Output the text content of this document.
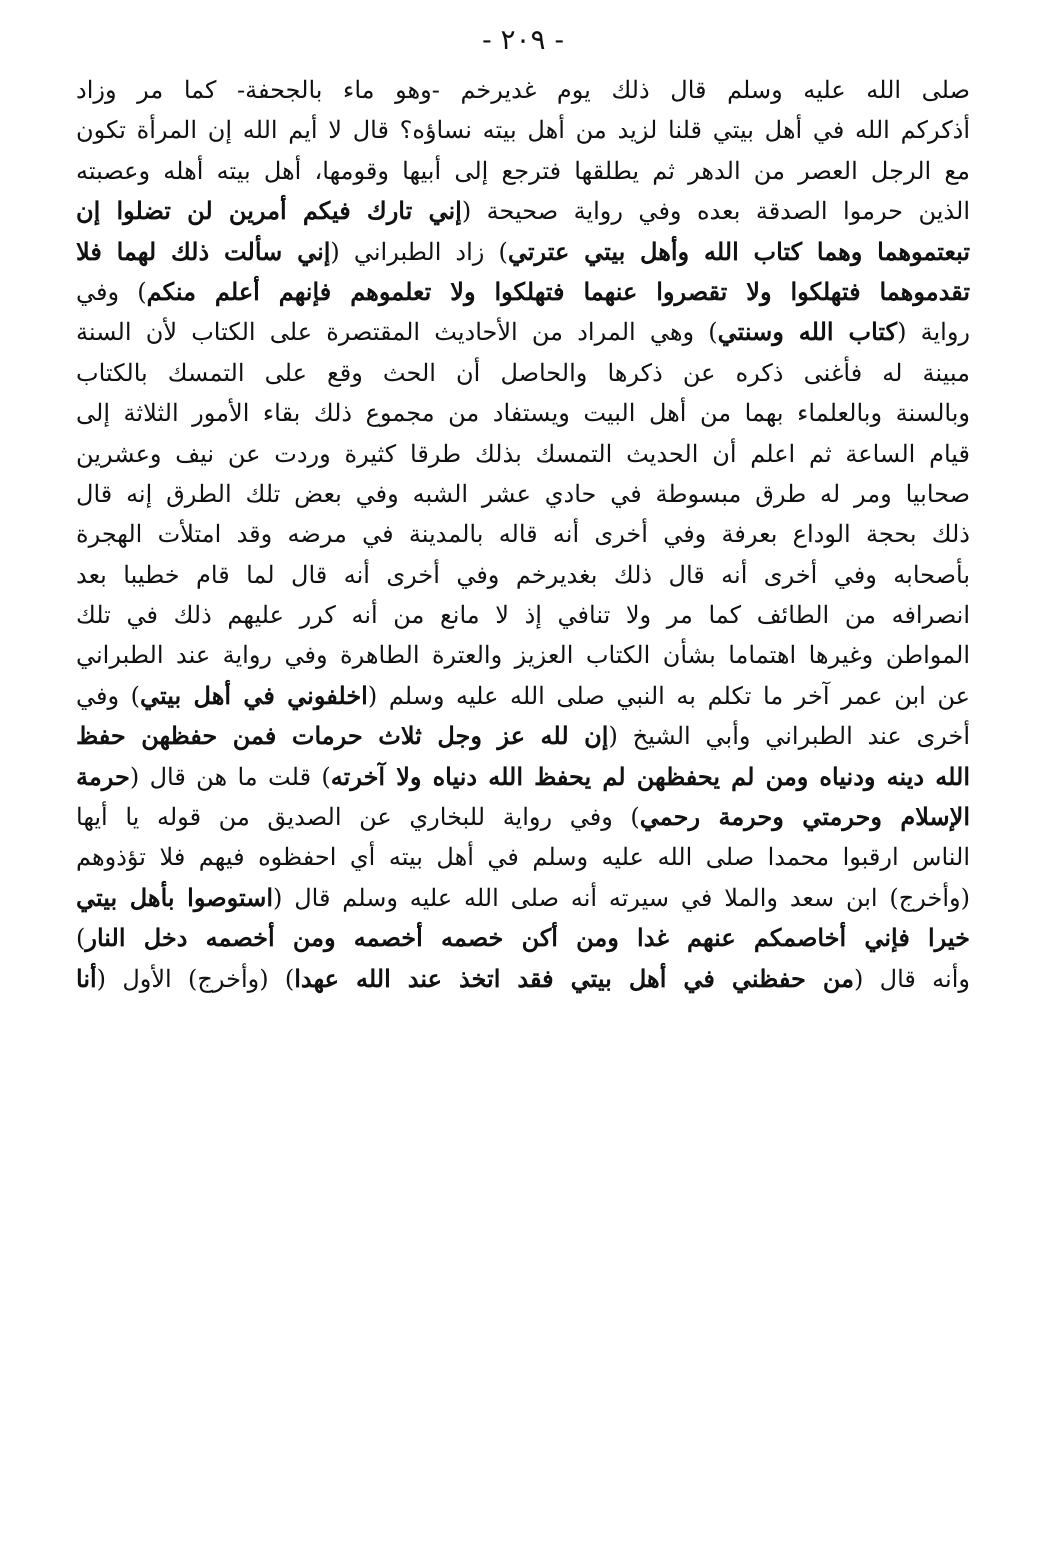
- ٢٠٩ -
صلى الله عليه وسلم قال ذلك يوم غديرخم -وهو ماء بالجحفة- كما مر وزاد
أذكركم الله في أهل بيتي قلنا لزيد من أهل بيته نساؤه؟ قال لا أيم الله إن المرأة تكون
مع الرجل العصر من الدهر ثم يطلقها فترجع إلى أبيها وقومها، أهل بيته أهله وعصبته
الذين حرموا الصدقة بعده وفي رواية صحيحة (إني تارك فيكم أمرين لن تضلوا إن
تبعتموهما وهما كتاب الله وأهل بيتي عترتي) زاد الطبراني (إني سألت ذلك لهما فلا
تقدموهما فتهلكوا ولا تقصروا عنهما فتهلكوا ولا تعلموهم فإنهم أعلم منكم) وفي
رواية (كتاب الله وسنتي) وهي المراد من الأحاديث المقتصرة على الكتاب لأن السنة
مبينة له فأغنى ذكره عن ذكرها والحاصل أن الحث وقع على التمسك بالكتاب
وبالسنة وبالعلماء بهما من أهل البيت ويستفاد من مجموع ذلك بقاء الأمور الثلاثة إلى
قيام الساعة ثم اعلم أن الحديث التمسك بذلك طرقا كثيرة وردت عن نيف وعشرين
صحابيا ومر له طرق مبسوطة في حادي عشر الشبه وفي بعض تلك الطرق إنه قال
ذلك بحجة الوداع بعرفة وفي أخرى أنه قاله بالمدينة في مرضه وقد امتلأت الهجرة
بأصحابه وفي أخرى أنه قال ذلك بغديرخم وفي أخرى أنه قال لما قام خطيبا بعد
انصرافه من الطائف كما مر ولا تنافي إذ لا مانع من أنه كرر عليهم ذلك في تلك
المواطن وغيرها اهتماما بشأن الكتاب العزيز والعترة الطاهرة وفي رواية عند الطبراني
عن ابن عمر آخر ما تكلم به النبي صلى الله عليه وسلم (اخلفوني في أهل بيتي) وفي
أخرى عند الطبراني وأبي الشيخ (إن لله عز وجل ثلاث حرمات فمن حفظهن حفظ
الله دينه ودنياه ومن لم يحفظهن لم يحفظ الله دنياه ولا آخرته) قلت ما هن قال (حرمة
الإسلام وحرمتي وحرمة رحمي) وفي رواية للبخاري عن الصديق من قوله يا أيها
الناس ارقبوا محمدا صلى الله عليه وسلم في أهل بيته أي احفظوه فيهم فلا تؤذوهم
(وأخرج) ابن سعد والملا في سيرته أنه صلى الله عليه وسلم قال (استوصوا بأهل بيتي
خيرا فإني أخاصمكم عنهم غدا ومن أكن خصمه أخصمه ومن أخصمه دخل النار)
وأنه قال (من حفظني في أهل بيتي فقد اتخذ عند الله عهدا) (وأخرج) الأول (أنا
